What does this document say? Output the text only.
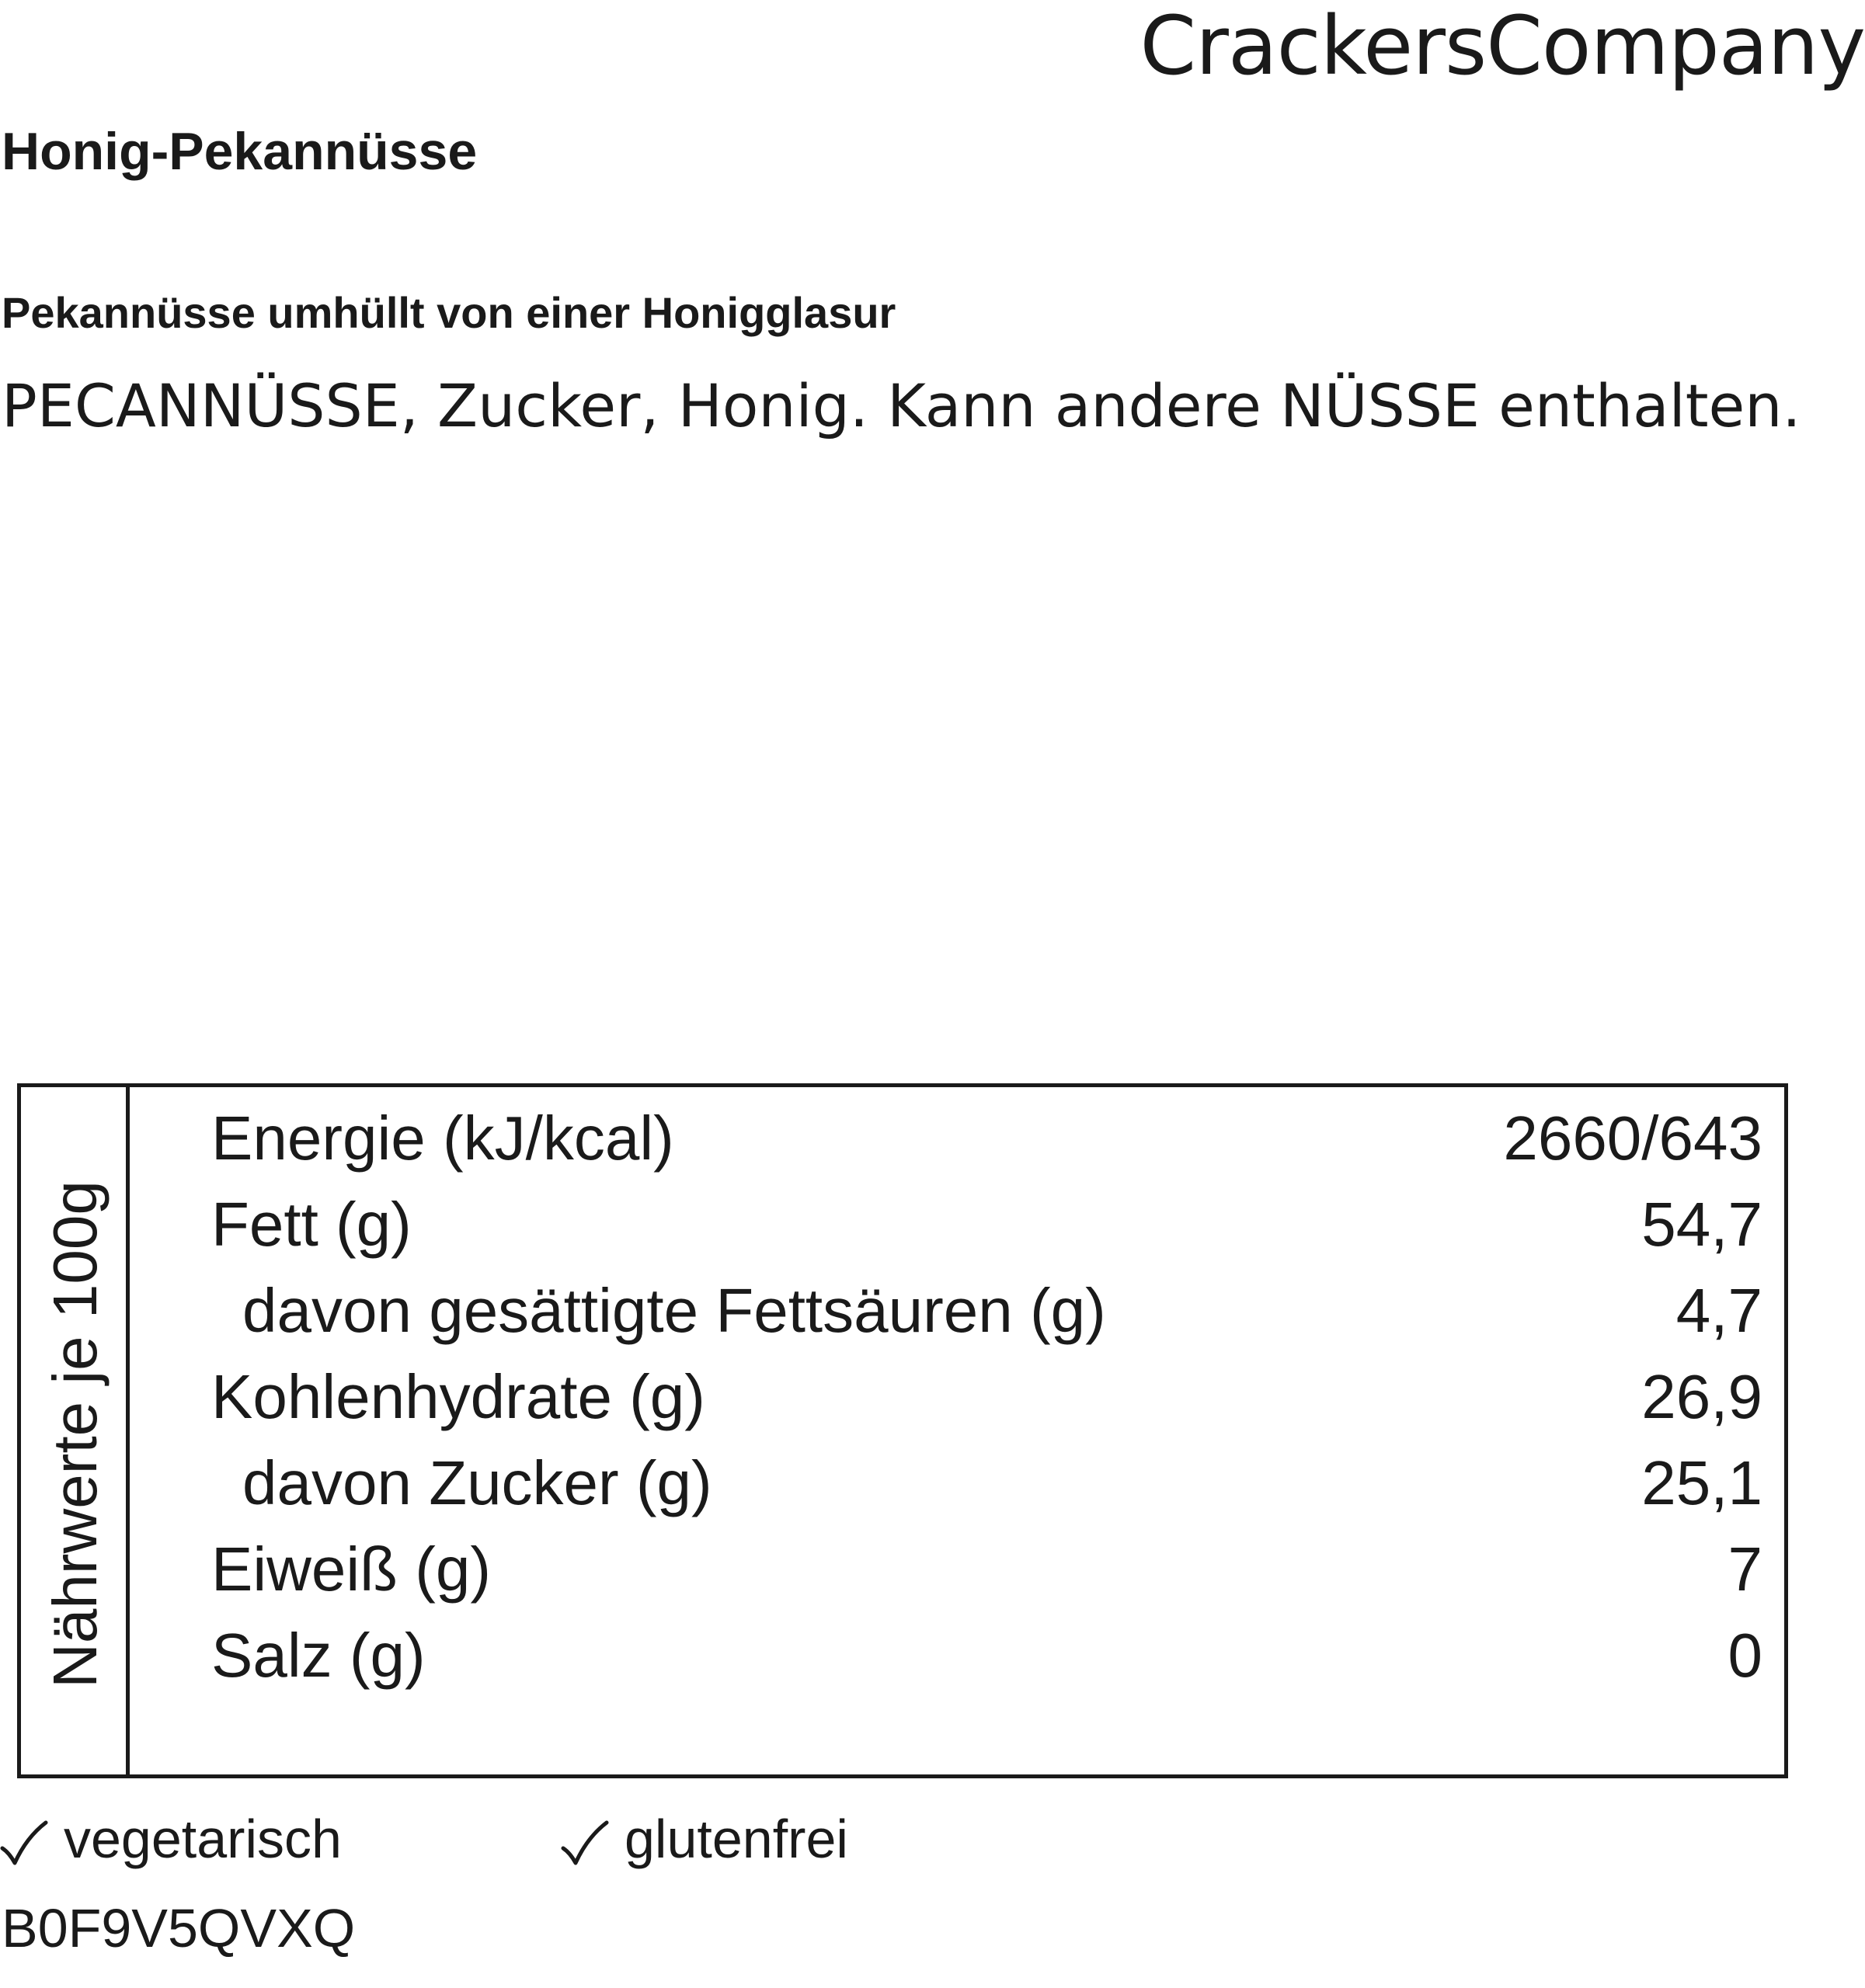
CrackersCompany
Honig-Pekannüsse
Pekannüsse umhüllt von einer Honigglasur
PECANNÜSSE, Zucker, Honig. Kann andere NÜSSE enthalten.
Nährwerte je 100g
Energie (kJ/kcal)	2660/643
Fett (g)	54,7
davon gesättigte Fettsäuren (g)	4,7
Kohlenhydrate (g)	26,9
davon Zucker (g)	25,1
Eiweiß (g)	7
Salz (g)	0
vegetarisch	glutenfrei
B0F9V5QVXQ
